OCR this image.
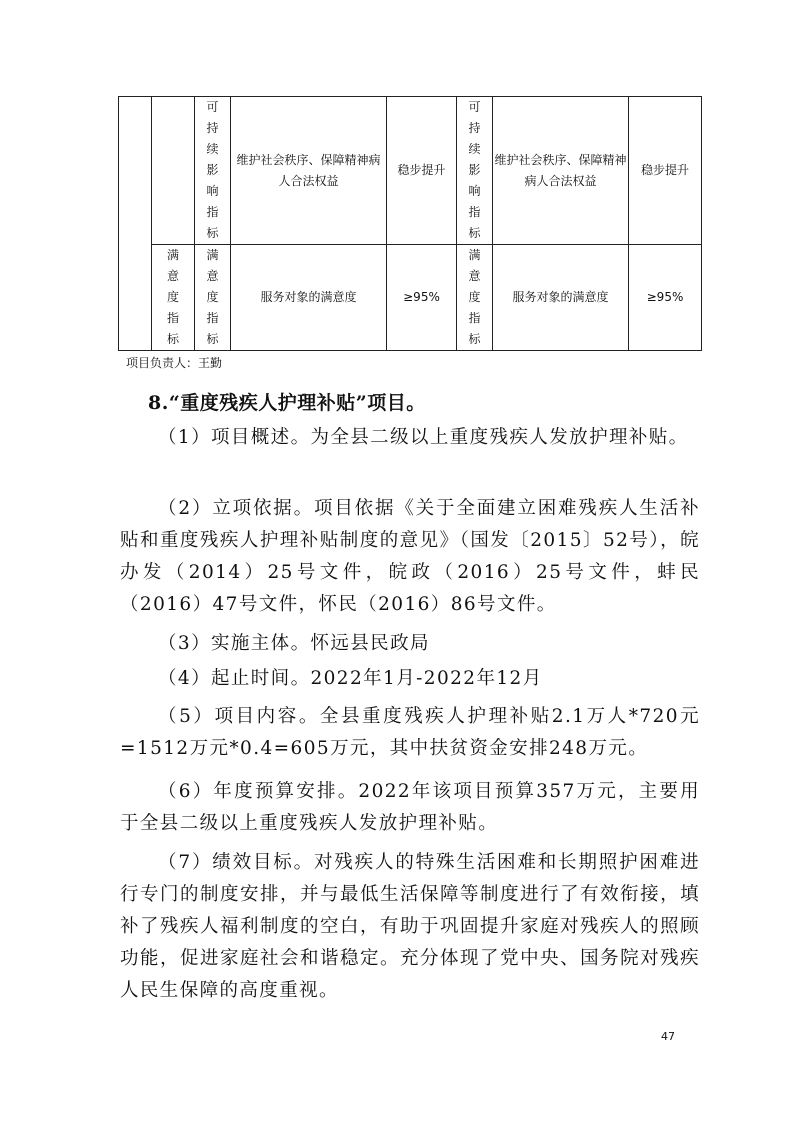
		可持续影响指标	维护社会秩序、保障精神病人合法权益	稳步提升	可持续影响指标	维护社会秩序、保障精神病人合法权益	稳步提升

	满意度指标	满意度指标	服务对象的满意度	≥95%	满意度指标	服务对象的满意度	≥95%
项目负责人：王勤
8.“重度残疾人护理补贴”项目。
（1）项目概述。为全县二级以上重度残疾人发放护理补贴。
（2）立项依据。项目依据《关于全面建立困难残疾人生活补贴和重度残疾人护理补贴制度的意见》（国发〔2015〕52号），皖办发（2014）25号文件，皖政（2016）25号文件，蚌民（2016）47号文件，怀民（2016）86号文件。
（3）实施主体。怀远县民政局
（4）起止时间。2022年1月-2022年12月
（5）项目内容。全县重度残疾人护理补贴2.1万人*720元=1512万元*0.4=605万元，其中扶贫资金安排248万元。
（6）年度预算安排。2022年该项目预算357万元，主要用于全县二级以上重度残疾人发放护理补贴。
（7）绩效目标。对残疾人的特殊生活困难和长期照护困难进行专门的制度安排，并与最低生活保障等制度进行了有效衔接，填补了残疾人福利制度的空白，有助于巩固提升家庭对残疾人的照顾功能，促进家庭社会和谐稳定。充分体现了党中央、国务院对残疾人民生保障的高度重视。
47
